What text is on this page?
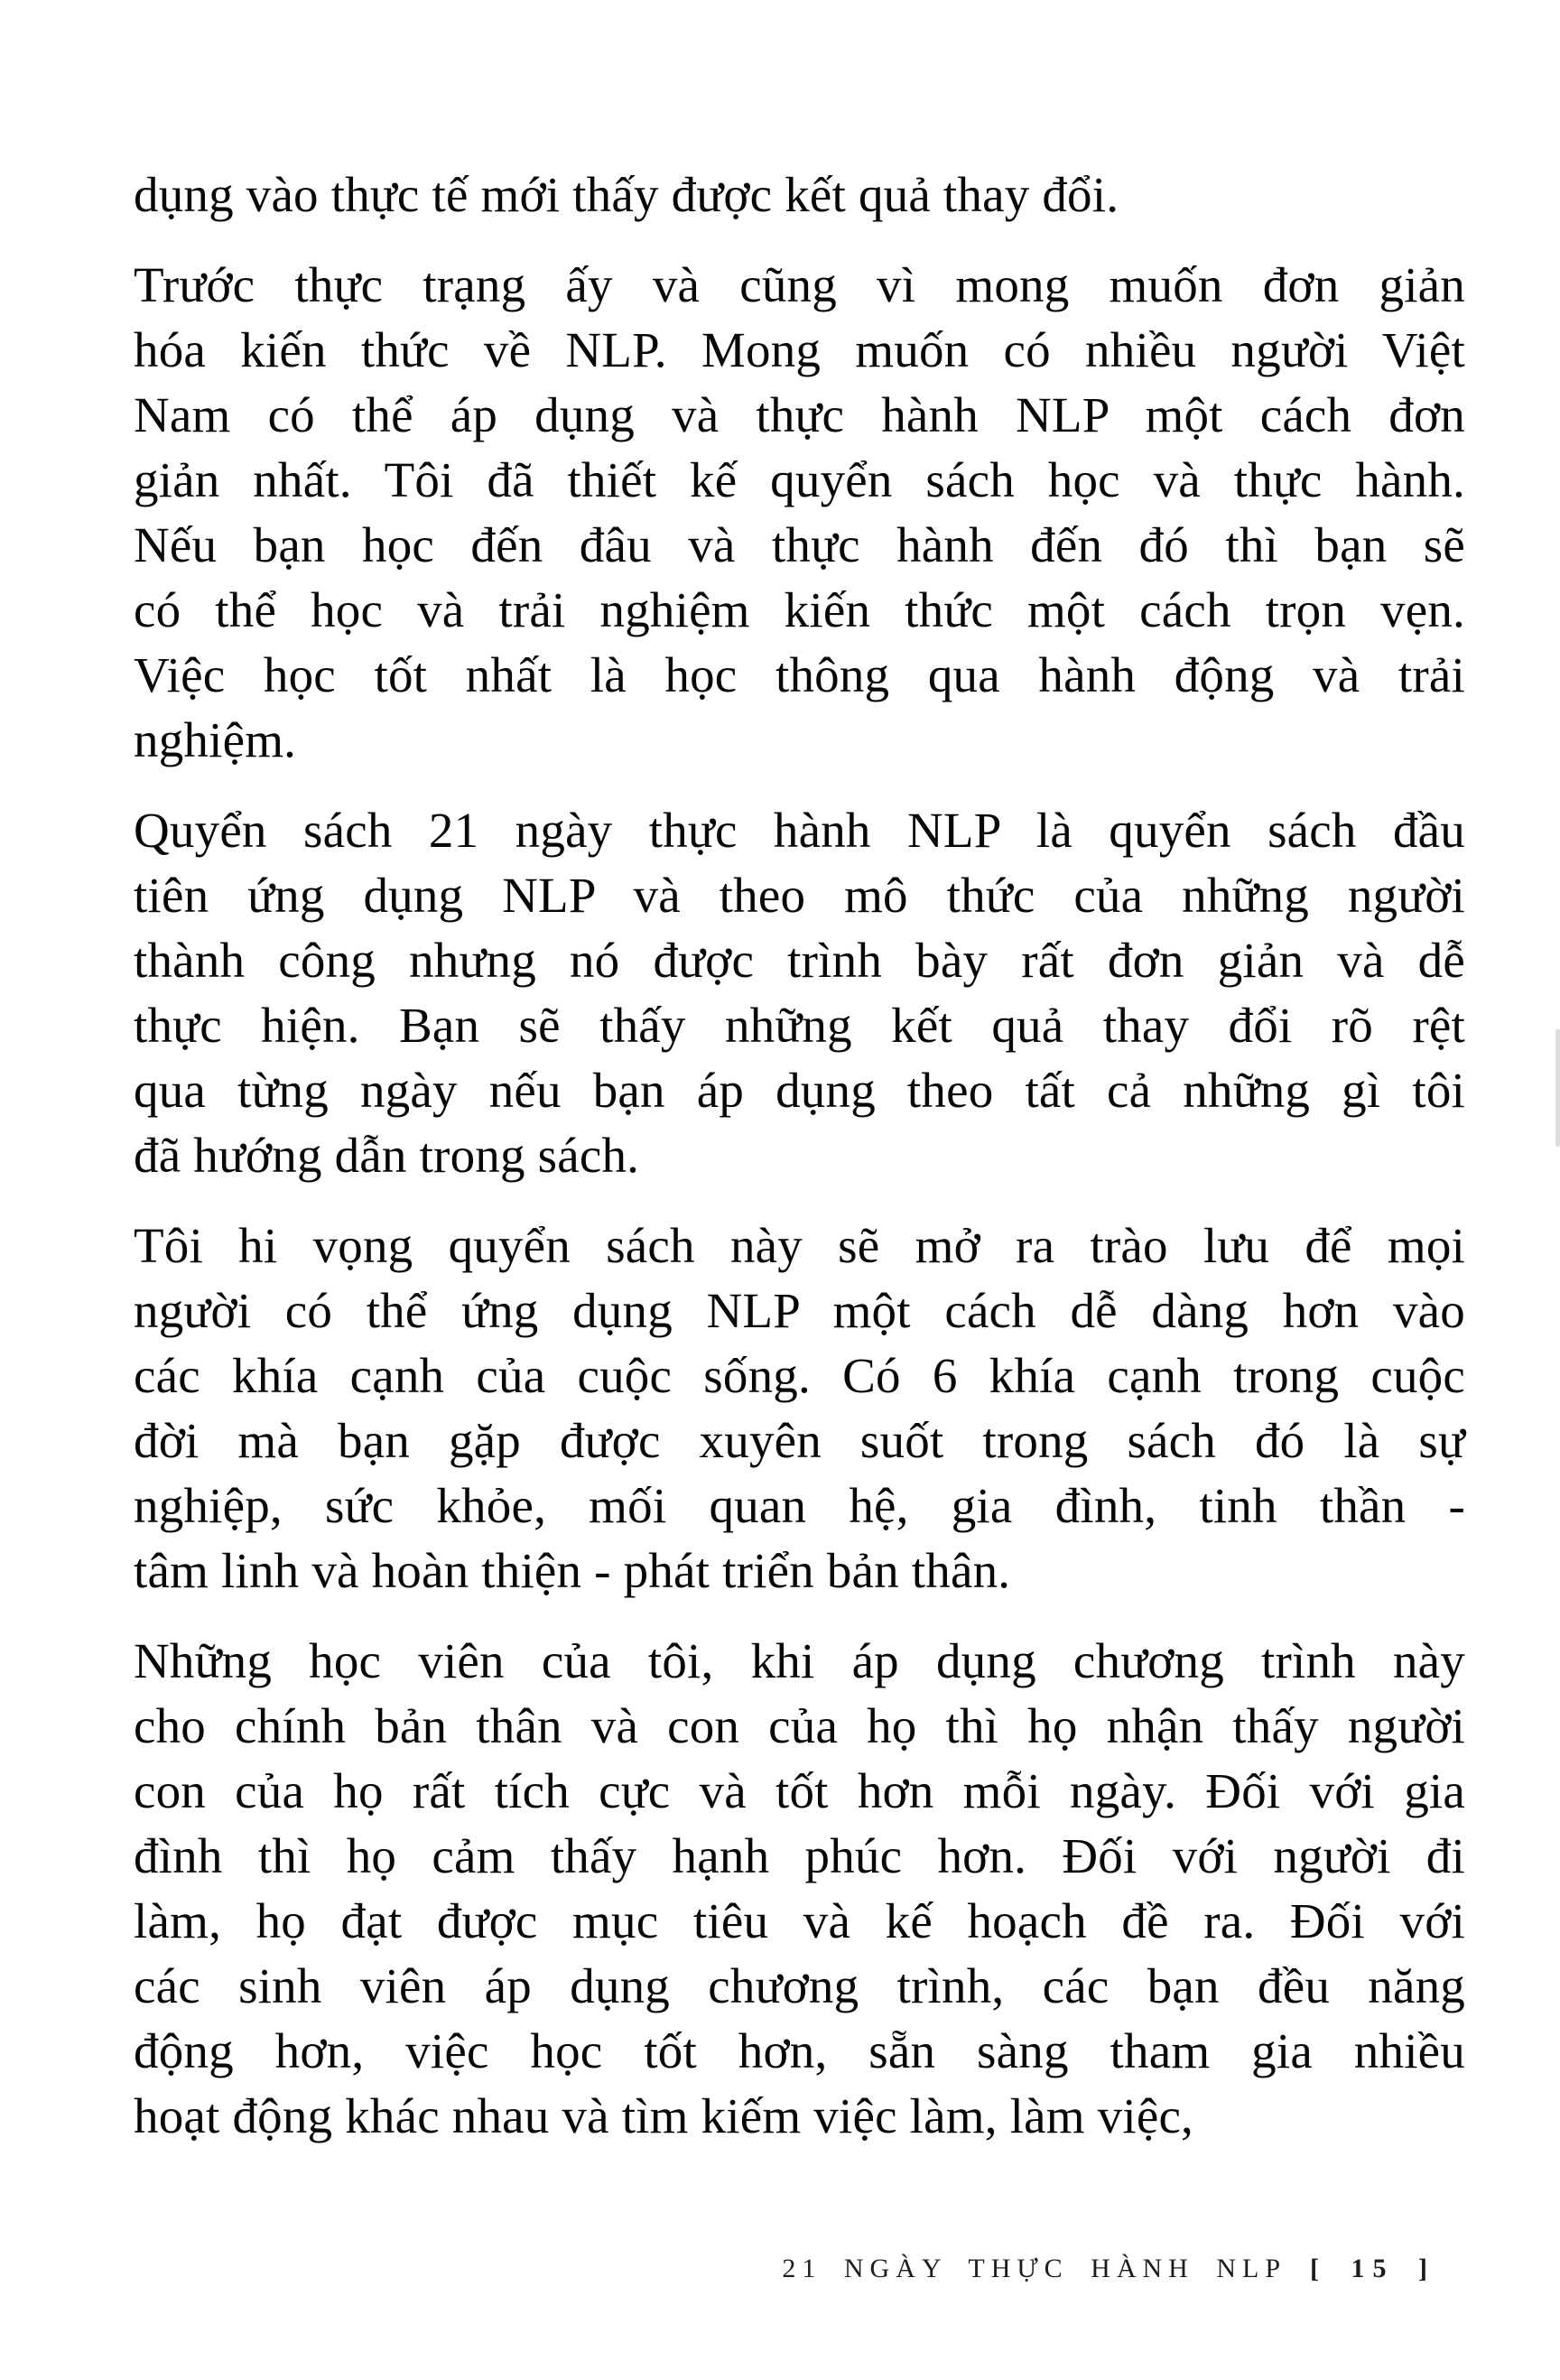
dụng vào thực tế mới thấy được kết quả thay đổi.
Trước thực trạng ấy và cũng vì mong muốn đơn giản
hóa kiến thức về NLP. Mong muốn có nhiều người Việt
Nam có thể áp dụng và thực hành NLP một cách đơn
giản nhất. Tôi đã thiết kế quyển sách học và thực hành.
Nếu bạn học đến đâu và thực hành đến đó thì bạn sẽ
có thể học và trải nghiệm kiến thức một cách trọn vẹn.
Việc học tốt nhất là học thông qua hành động và trải
nghiệm.
Quyển sách 21 ngày thực hành NLP là quyển sách đầu
tiên ứng dụng NLP và theo mô thức của những người
thành công nhưng nó được trình bày rất đơn giản và dễ
thực hiện. Bạn sẽ thấy những kết quả thay đổi rõ rệt
qua từng ngày nếu bạn áp dụng theo tất cả những gì tôi
đã hướng dẫn trong sách.
Tôi hi vọng quyển sách này sẽ mở ra trào lưu để mọi
người có thể ứng dụng NLP một cách dễ dàng hơn vào
các khía cạnh của cuộc sống. Có 6 khía cạnh trong cuộc
đời mà bạn gặp được xuyên suốt trong sách đó là sự
nghiệp, sức khỏe, mối quan hệ, gia đình, tinh thần -
tâm linh và hoàn thiện - phát triển bản thân.
Những học viên của tôi, khi áp dụng chương trình này
cho chính bản thân và con của họ thì họ nhận thấy người
con của họ rất tích cực và tốt hơn mỗi ngày. Đối với gia
đình thì họ cảm thấy hạnh phúc hơn. Đối với người đi
làm, họ đạt được mục tiêu và kế hoạch đề ra. Đối với
các sinh viên áp dụng chương trình, các bạn đều năng
động hơn, việc học tốt hơn, sẵn sàng tham gia nhiều
hoạt động khác nhau và tìm kiếm việc làm, làm việc,
21 NGÀY THỰC HÀNH NLP [ 15 ]
